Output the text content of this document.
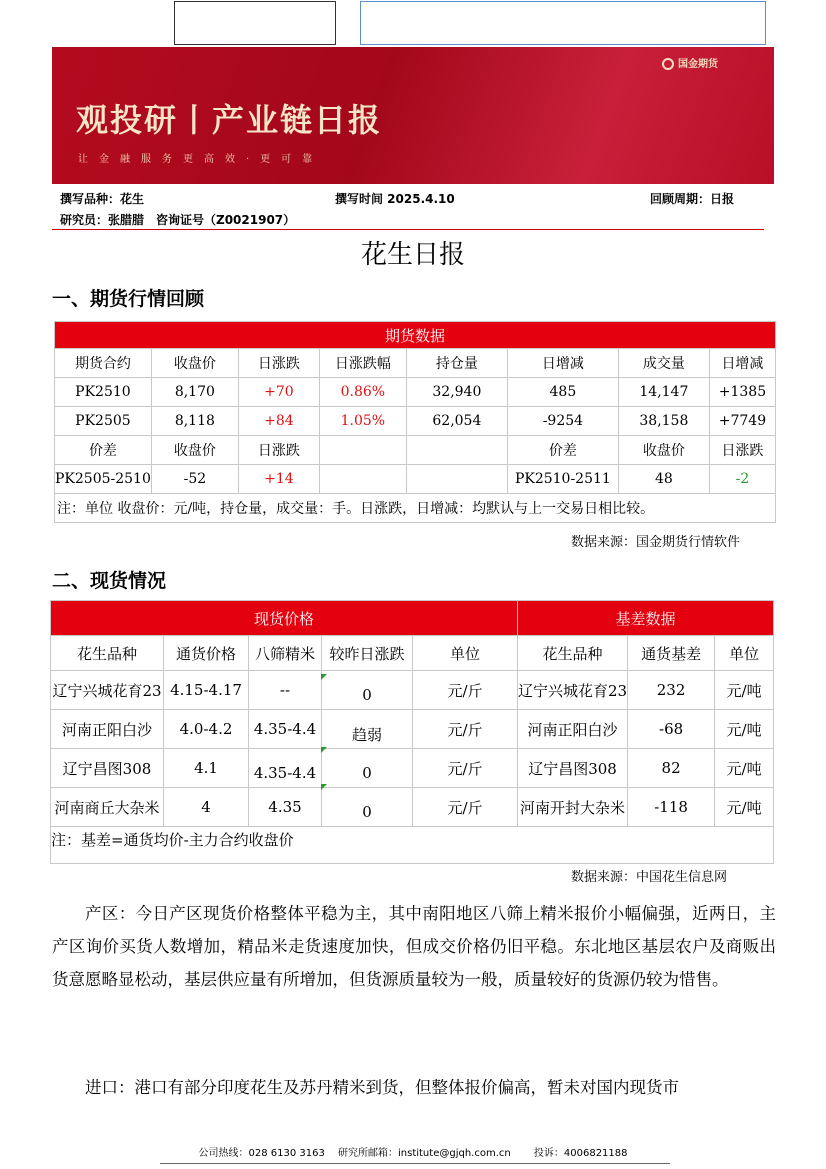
国金期货
观投研丨产业链日报
让金融服务更高效·更可靠
撰写品种：花生	撰写时间 2025.4.10	回顾周期：日报
研究员：张腊腊　咨询证号（Z0021907）
花生日报
一、期货行情回顾
期货数据							
期货合约	收盘价	日涨跌	日涨跌幅	持仓量	日增减	成交量	日增减
PK2510	8,170	+70	0.86%	32,940	485	14,147	+1385
PK2505	8,118	+84	1.05%	62,054	-9254	38,158	+7749
价差	收盘价	日涨跌			价差	收盘价	日涨跌
PK2505-2510	-52	+14			PK2510-2511	48	-2
注：单位 收盘价：元/吨，持仓量，成交量：手。日涨跌，日增减：均默认与上一交易日相比较。							
数据来源：国金期货行情软件
二、现货情况
现货价格					基差数据		
花生品种	通货价格	八筛精米	较昨日涨跌	单位	花生品种	通货基差	单位
辽宁兴城花育23	4.15-4.17	--	0	元/斤	辽宁兴城花育23	232	元/吨
河南正阳白沙	4.0-4.2	4.35-4.4	趋弱	元/斤	河南正阳白沙	-68	元/吨
辽宁昌图308	4.1	4.35-4.4	0	元/斤	辽宁昌图308	82	元/吨
河南商丘大杂米	4	4.35	0	元/斤	河南开封大杂米	-118	元/吨
注：基差=通货均价-主力合约收盘价							
数据来源：中国花生信息网
产区：今日产区现货价格整体平稳为主，其中南阳地区八筛上精米报价小幅偏强，近两日，主产区询价买货人数增加，精品米走货速度加快，但成交价格仍旧平稳。东北地区基层农户及商贩出货意愿略显松动，基层供应量有所增加，但货源质量较为一般，质量较好的货源仍较为惜售。
进口：港口有部分印度花生及苏丹精米到货，但整体报价偏高，暂未对国内现货市
公司热线：028 6130 3163　 研究所邮箱：institute@gjqh.com.cn　　 投诉：4006821188
